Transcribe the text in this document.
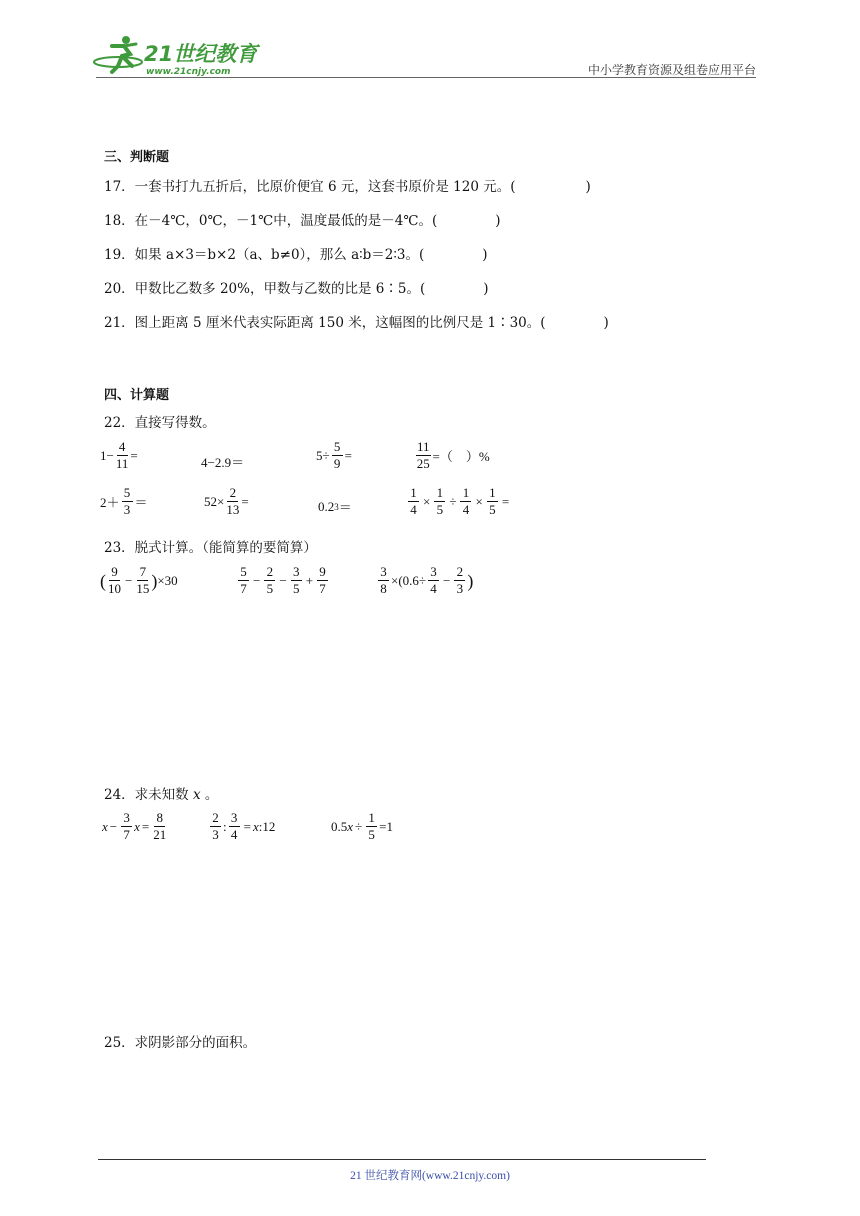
21世纪教育
www.21cnjy.com	中小学教育资源及组卷应用平台
三、判断题
17．一套书打九五折后，比原价便宜 6 元，这套书原价是 120 元。(	)
18．在－4℃，0℃，－1℃中，温度最低的是－4℃。(	)
19．如果 a×3＝b×2（a、b≠0），那么 a∶b＝2∶3。(	)
20．甲数比乙数多 20%，甲数与乙数的比是 6∶5。(	)
21．图上距离 5 厘米代表实际距离 150 米，这幅图的比例尺是 1∶30。(	)
四、计算题
22．直接写得数。
$1- \frac{4}{11}$ =	4−2.9＝	$5\div \frac{5}{9}$ =	$\frac{11}{25}$ =（　）%
$2+ \frac{5}{3}$ ＝	$52\times \frac{2}{13}$ =	0.2 3 ＝	$\frac{1}{4} \times \frac{1}{5} \div \frac{1}{4} \times \frac{1}{5}$ =
23．脱式计算。（能简算的要简算）
( $\frac{9}{10} - \frac{7}{15}$ ) ×30	$\frac{5}{7} - \frac{2}{5} - \frac{3}{5} + \frac{9}{7}$	$\frac{3}{8} \times(0.6\div \frac{3}{4} - \frac{2}{3}$ )
24．求未知数 x 。
$x - \frac{3}{7}$ $x = \frac{8}{21}$	$\frac{2}{3}$ : $\frac{3}{4} = x$ :12	0.5 $x \div \frac{1}{5} =1$
25．求阴影部分的面积。
21 世纪教育网(www.21cnjy.com)
